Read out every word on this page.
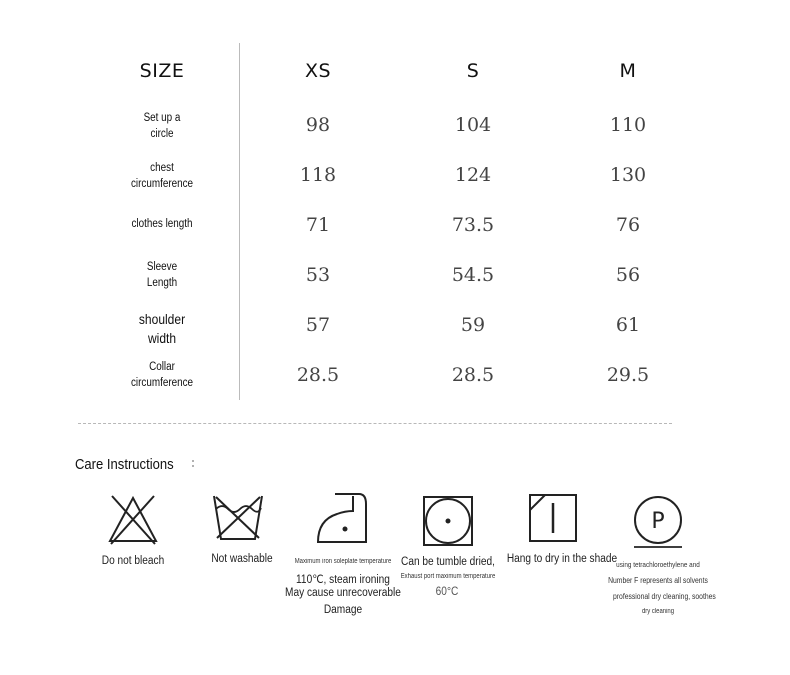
SIZE	XS	S	M
Set up a
circle	98	104	110
chest
circumference	118	124	130
clothes length	71	73.5	76
Sleeve
Length	53	54.5	56
shoulder
width
57	59	61
Collar
circumference	28.5	28.5	29.5
Care Instructions
Do not bleach	Not washable	Maximum iron soleplate temperature
110℃, steam ironing
May cause unrecoverable
Damage
Can be tumble dried,
Exhaust port maximum temperature
60°C
Hang to dry in the shade
P
using tetrachloroethylene and
Number F represents all solvents
professional dry cleaning, soothes
dry cleaning
